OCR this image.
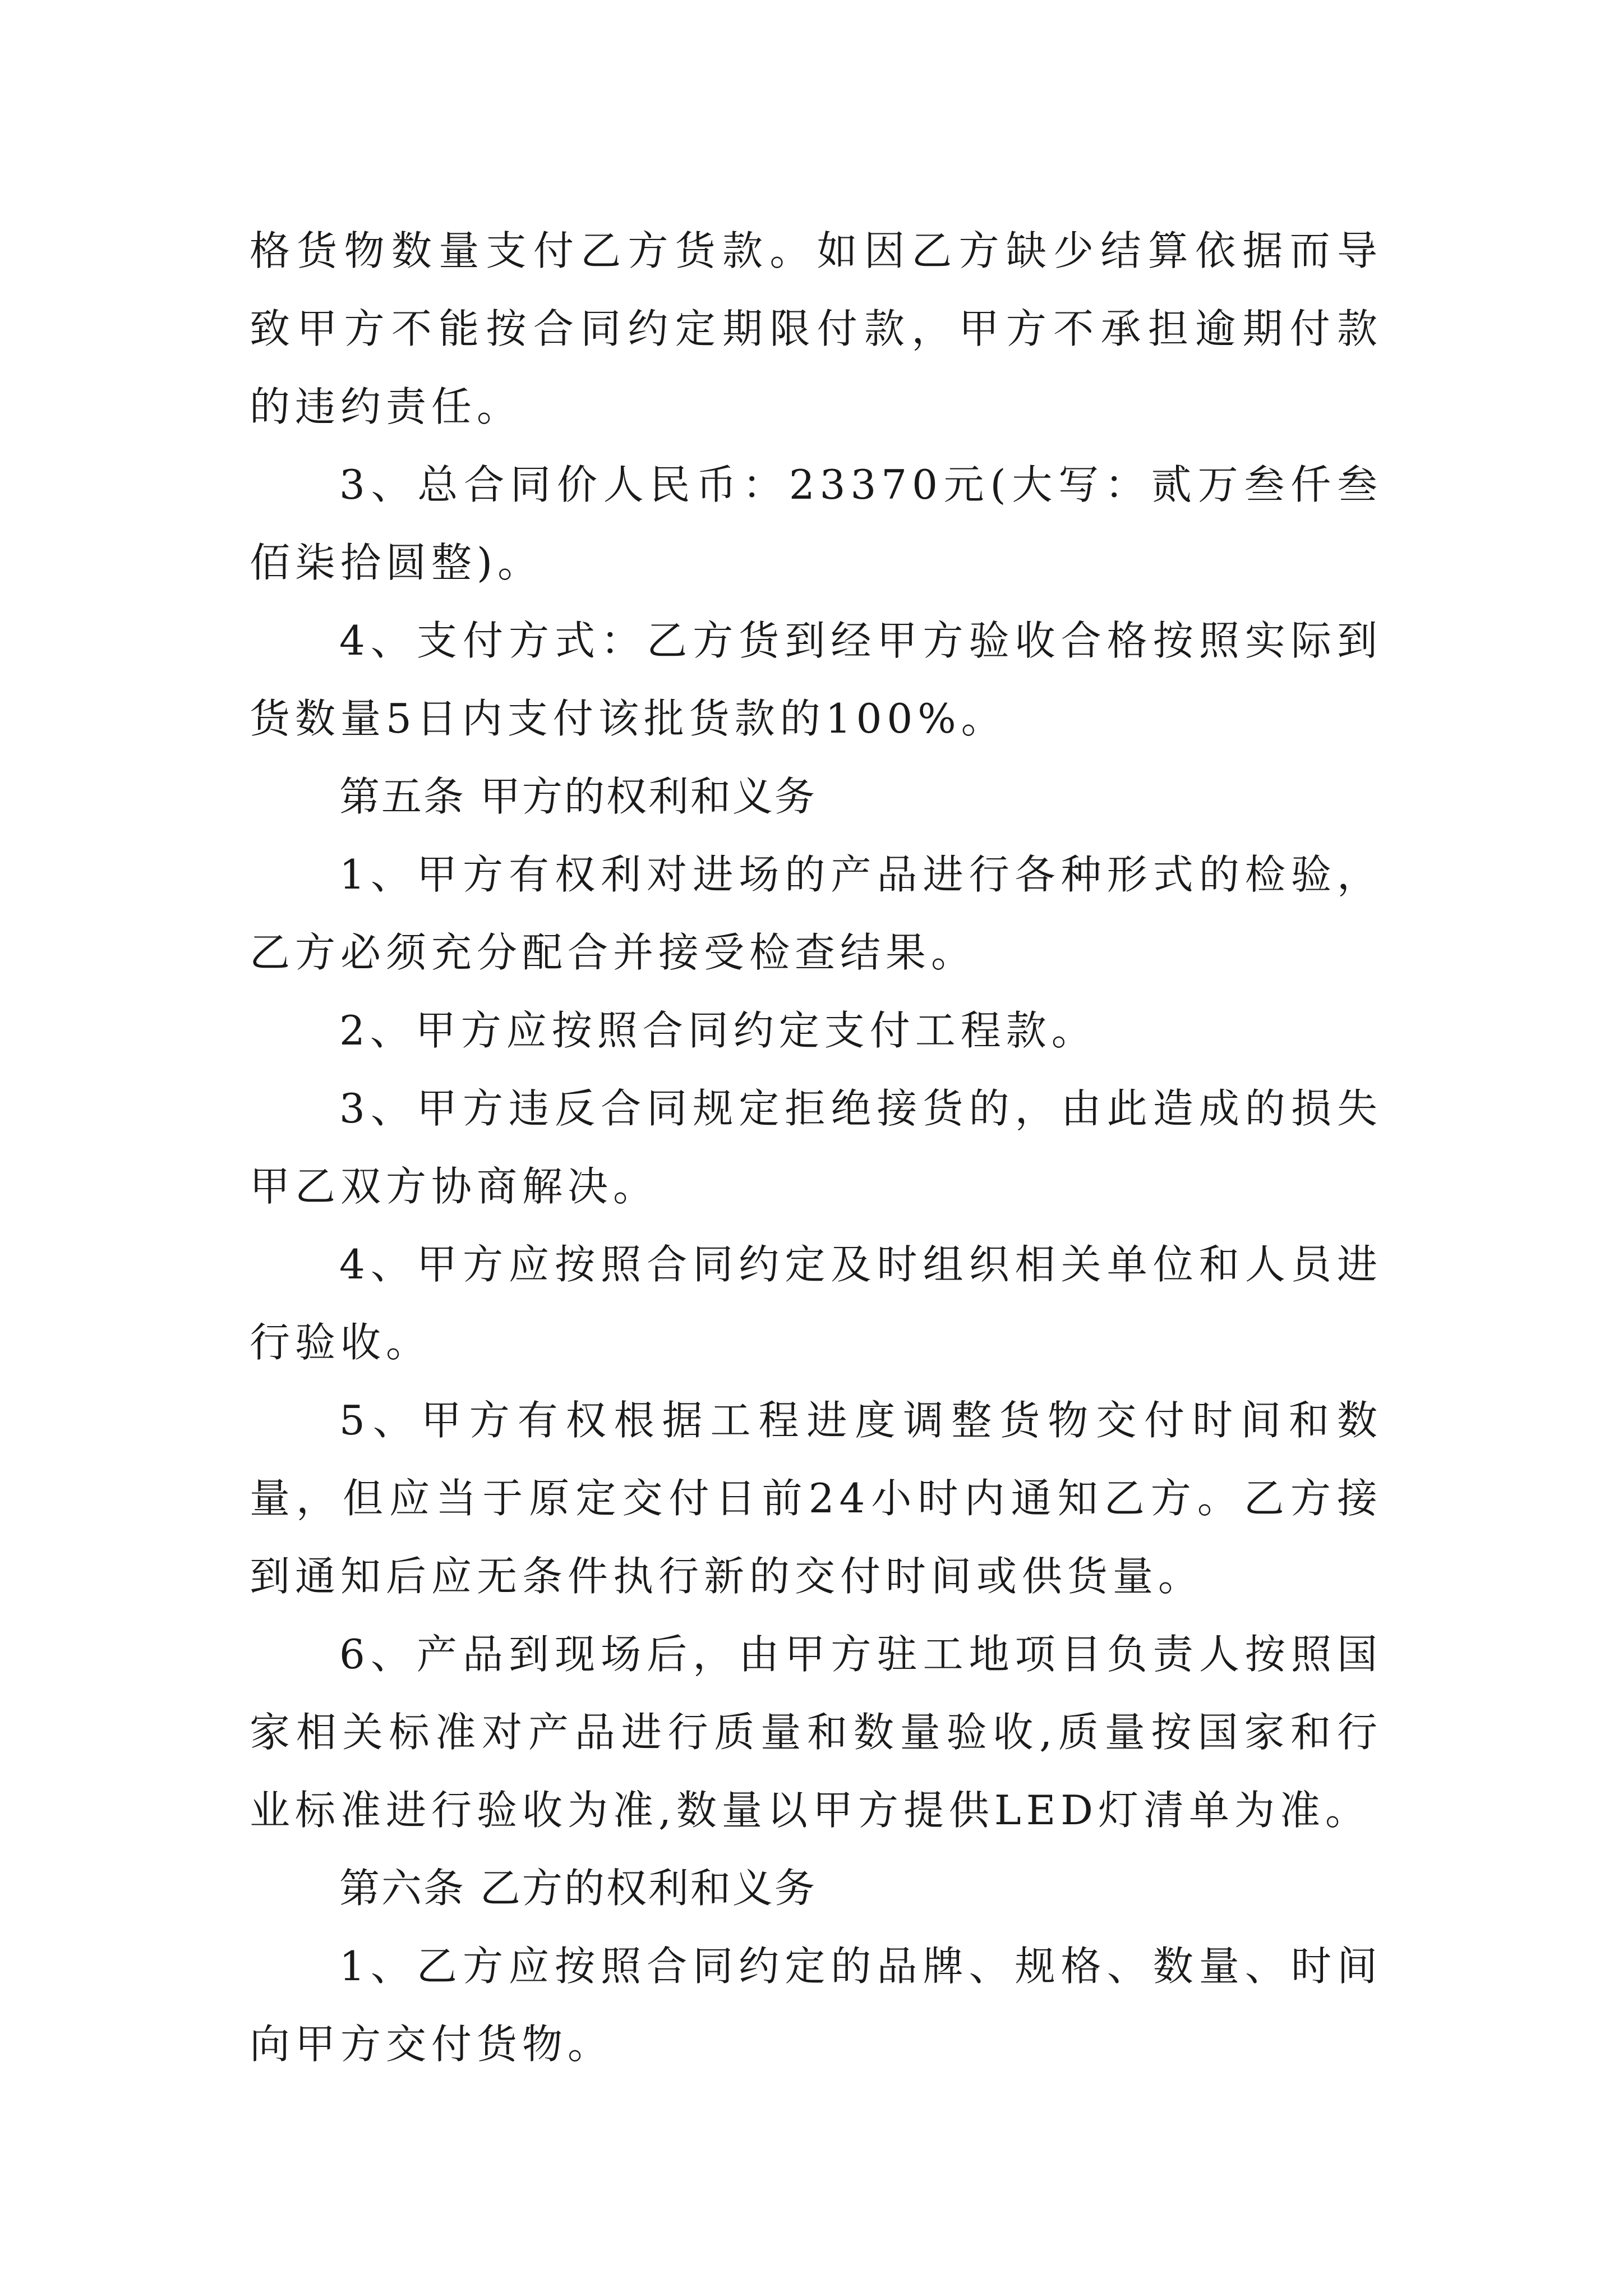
格货物数量支付乙方货款。如因乙方缺少结算依据而导致甲方不能按合同约定期限付款，甲方不承担逾期付款的违约责任。

3、总合同价人民币：23370元(大写：贰万叁仟叁佰柒拾圆整)。

4、支付方式：乙方货到经甲方验收合格按照实际到货数量5日内支付该批货款的100%。

第五条 甲方的权利和义务

1、甲方有权利对进场的产品进行各种形式的检验，乙方必须充分配合并接受检查结果。

2、甲方应按照合同约定支付工程款。

3、甲方违反合同规定拒绝接货的，由此造成的损失甲乙双方协商解决。

4、甲方应按照合同约定及时组织相关单位和人员进行验收。

5、甲方有权根据工程进度调整货物交付时间和数量，但应当于原定交付日前24小时内通知乙方。乙方接到通知后应无条件执行新的交付时间或供货量。

6、产品到现场后，由甲方驻工地项目负责人按照国家相关标准对产品进行质量和数量验收,质量按国家和行业标准进行验收为准,数量以甲方提供LED灯清单为准。

第六条 乙方的权利和义务

1、乙方应按照合同约定的品牌、规格、数量、时间向甲方交付货物。
